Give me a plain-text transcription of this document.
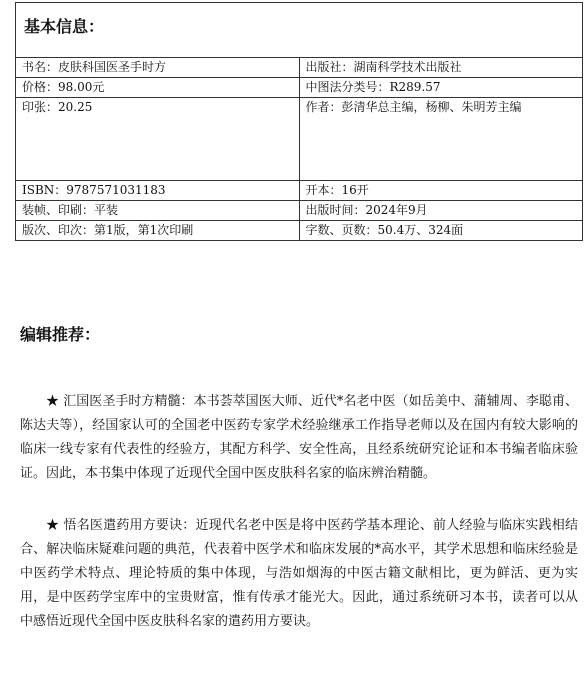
基本信息：	
书名：皮肤科国医圣手时方	出版社：湖南科学技术出版社
价格：98.00元	中图法分类号：R289.57
印张：20.25	作者：彭清华总主编，杨柳、朱明芳主编
ISBN：9787571031183	开本：16开
装帧、印刷：平装	出版时间：2024年9月
版次、印次：第1版，第1次印刷	字数、页数：50.4万、324面
编辑推荐：

★ 汇国医圣手时方精髓：本书荟萃国医大师、近代*名老中医（如岳美中、蒲辅周、李聪甫、陈达夫等），经国家认可的全国老中医药专家学术经验继承工作指导老师以及在国内有较大影响的临床一线专家有代表性的经验方，其配方科学、安全性高，且经系统研究论证和本书编者临床验证。因此，本书集中体现了近现代全国中医皮肤科名家的临床辨治精髓。

★ 悟名医遣药用方要诀：近现代名老中医是将中医药学基本理论、前人经验与临床实践相结合、解决临床疑难问题的典范，代表着中医学术和临床发展的*高水平，其学术思想和临床经验是中医药学术特点、理论特质的集中体现，与浩如烟海的中医古籍文献相比，更为鲜活、更为实用，是中医药学宝库中的宝贵财富，惟有传承才能光大。因此，通过系统研习本书，读者可以从中感悟近现代全国中医皮肤科名家的遣药用方要诀。
